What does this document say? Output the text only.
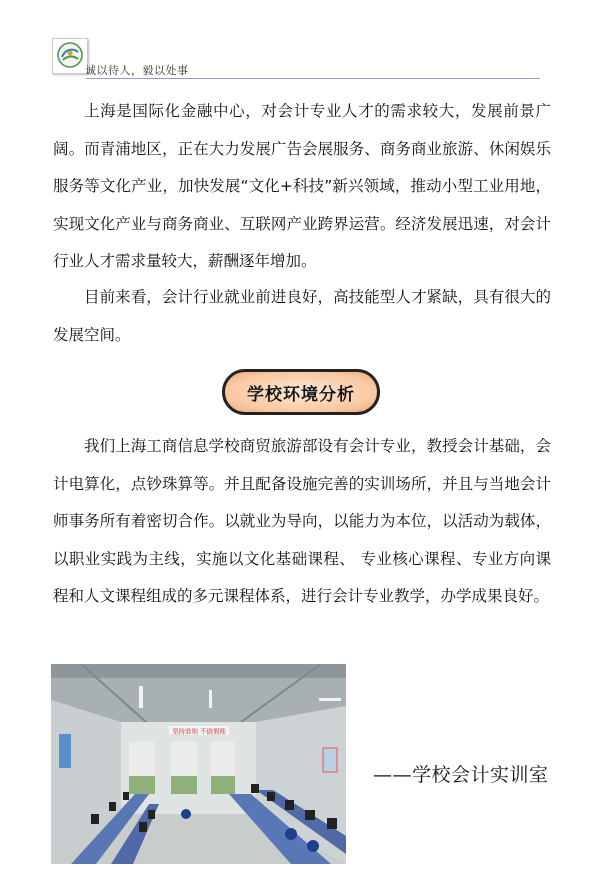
诚以待人，毅以处事
上海是国际化金融中心，对会计专业人才的需求较大，发展前景广阔。而青浦地区，正在大力发展广告会展服务、商务商业旅游、休闲娱乐服务等文化产业，加快发展“文化+科技”新兴领域，推动小型工业用地，实现文化产业与商务商业、互联网产业跨界运营。经济发展迅速，对会计行业人才需求量较大，薪酬逐年增加。
目前来看，会计行业就业前进良好，高技能型人才紧缺，具有很大的发展空间。
学校环境分析
我们上海工商信息学校商贸旅游部设有会计专业，教授会计基础，会计电算化，点钞珠算等。并且配备设施完善的实训场所，并且与当地会计师事务所有着密切合作。以就业为导向，以能力为本位，以活动为载体，以职业实践为主线，实施以文化基础课程、 专业核心课程、专业方向课程和人文课程组成的多元课程体系，进行会计专业教学，办学成果良好。
坚持准则 不做假账
——学校会计实训室
